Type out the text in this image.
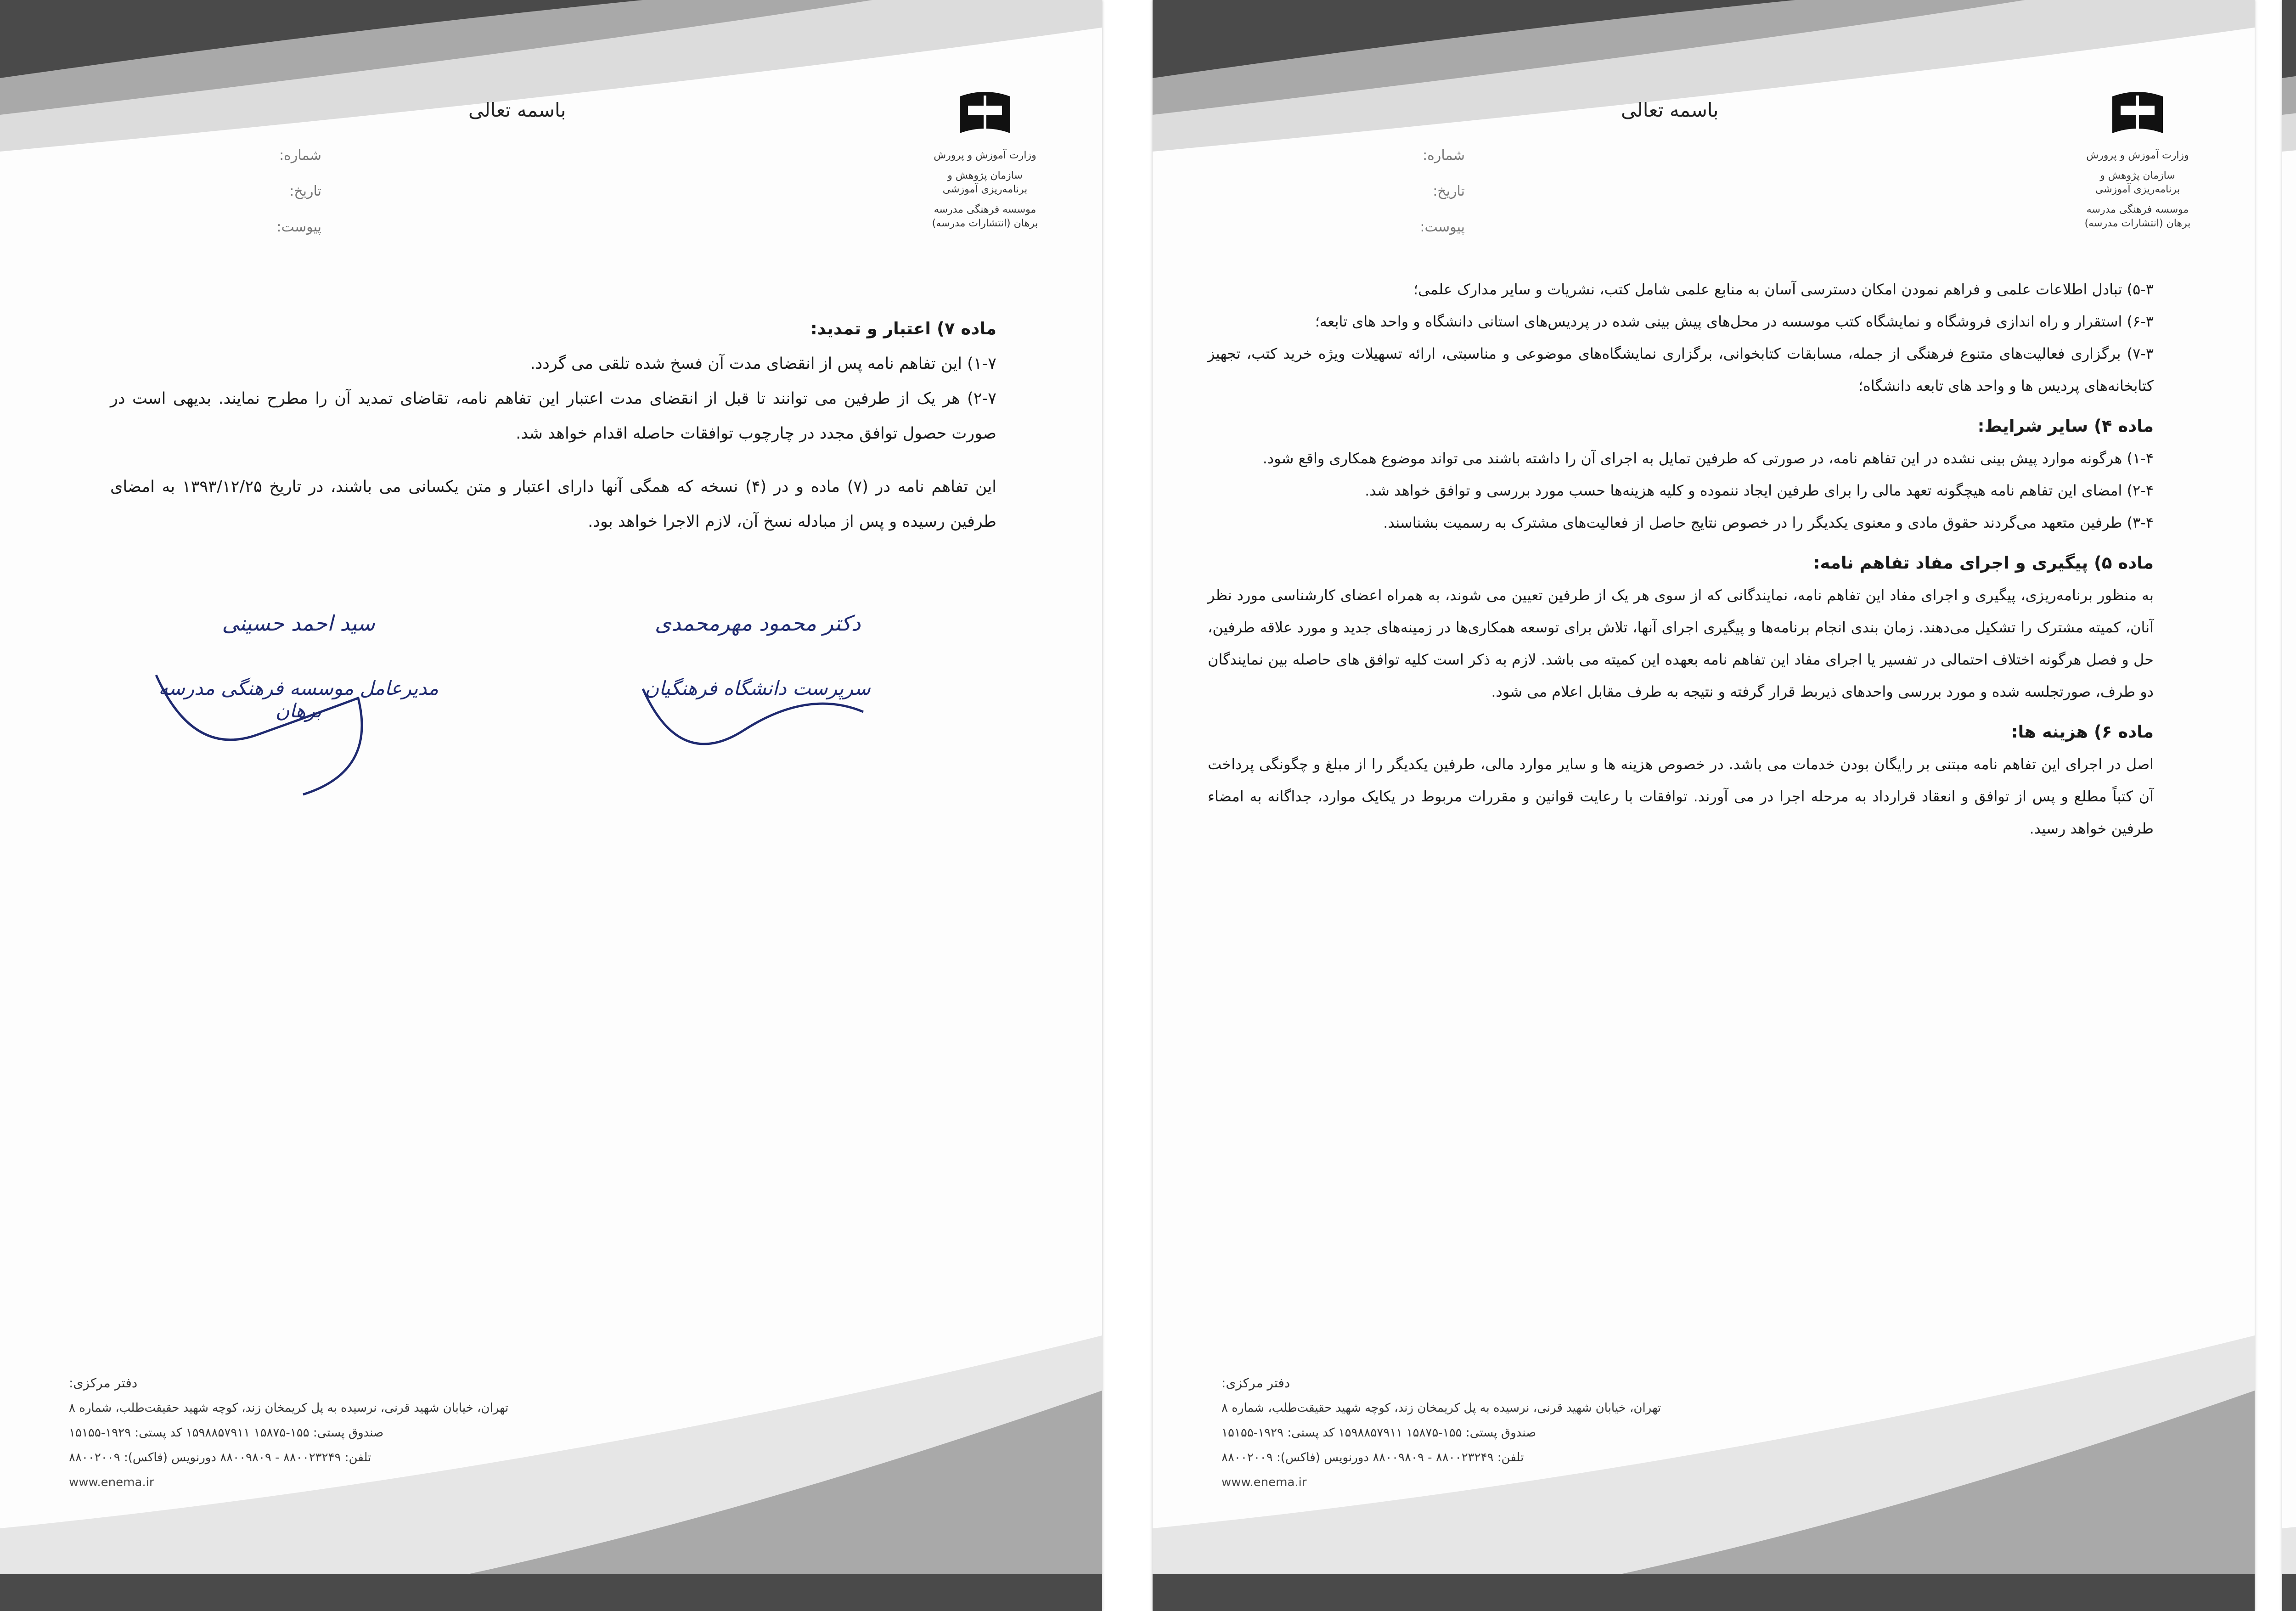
وزارت آموزش و پرورش
سازمان پژوهش و برنامه‌ریزی آموزشی
موسسه فرهنگی مدرسه برهان (انتشارات مدرسه)
باسمه تعالی
شماره:
تاریخ:
پیوست:
ماده ۷) اعتبار و تمدید:

۱-۷) این تفاهم نامه پس از انقضای مدت آن فسخ شده تلقی می گردد.

۲-۷) هر یک از طرفین می توانند تا قبل از انقضای مدت اعتبار این تفاهم نامه، تقاضای تمدید آن را مطرح نمایند. بدیهی است در صورت حصول توافق مجدد در چارچوب توافقات حاصله اقدام خواهد شد.

این تفاهم نامه در (۷) ماده و در (۴) نسخه که همگی آنها دارای اعتبار و متن یکسانی می باشند، در تاریخ ۱۳۹۳/۱۲/۲۵ به امضای طرفین رسیده و پس از مبادله نسخ آن، لازم الاجرا خواهد بود.

دکتر محمود مهرمحمدی
سرپرست دانشگاه فرهنگیان
سید احمد حسینی
مدیرعامل موسسه فرهنگی مدرسه برهان
دفتر مرکزی:
تهران، خیابان شهید قرنی، نرسیده به پل کریمخان زند، کوچه شهید حقیقت‌طلب، شماره ۸
صندوق پستی: ۱۵۵-۱۵۸۷۵ ۱۵۹۸۸۵۷۹۱۱ کد پستی: ۱۹۲۹-۱۵۱۵۵
تلفن: ۸۸۰۰۲۳۲۴۹ - ۸۸۰۰۹۸۰۹ دورنویس (فاکس): ۸۸۰۰۲۰۰۹
www.enema.ir
وزارت آموزش و پرورش
سازمان پژوهش و برنامه‌ریزی آموزشی
موسسه فرهنگی مدرسه برهان (انتشارات مدرسه)
باسمه تعالی
شماره:
تاریخ:
پیوست:

۵-۳) تبادل اطلاعات علمی و فراهم نمودن امکان دسترسی آسان به منابع علمی شامل کتب، نشریات و سایر مدارک علمی؛

۶-۳) استقرار و راه اندازی فروشگاه و نمایشگاه کتب موسسه در محل‌های پیش بینی شده در پردیس‌های استانی دانشگاه و واحد های تابعه؛

۷-۳) برگزاری فعالیت‌های متنوع فرهنگی از جمله، مسابقات کتابخوانی، برگزاری نمایشگاه‌های موضوعی و مناسبتی، ارائه تسهیلات ویژه خرید کتب، تجهیز کتابخانه‌های پردیس ها و واحد های تابعه دانشگاه؛

ماده ۴) سایر شرایط:

۱-۴) هرگونه موارد پیش بینی نشده در این تفاهم نامه، در صورتی که طرفین تمایل به اجرای آن را داشته باشند می تواند موضوع همکاری واقع شود.

۲-۴) امضای این تفاهم نامه هیچگونه تعهد مالی را برای طرفین ایجاد ننموده و کلیه هزینه‌ها حسب مورد بررسی و توافق خواهد شد.

۳-۴) طرفین متعهد می‌گردند حقوق مادی و معنوی یکدیگر را در خصوص نتایج حاصل از فعالیت‌های مشترک به رسمیت بشناسند.

ماده ۵) پیگیری و اجرای مفاد تفاهم نامه:

به منظور برنامه‌ریزی، پیگیری و اجرای مفاد این تفاهم نامه، نمایندگانی که از سوی هر یک از طرفین تعیین می شوند، به همراه اعضای کارشناسی مورد نظر آنان، کمیته مشترک را تشکیل می‌دهند. زمان بندی انجام برنامه‌ها و پیگیری اجرای آنها، تلاش برای توسعه همکاری‌ها در زمینه‌های جدید و مورد علاقه طرفین، حل و فصل هرگونه اختلاف احتمالی در تفسیر یا اجرای مفاد این تفاهم نامه بعهده این کمیته می باشد. لازم به ذکر است کلیه توافق های حاصله بین نمایندگان دو طرف، صورتجلسه شده و مورد بررسی واحدهای ذیربط قرار گرفته و نتیجه به طرف مقابل اعلام می شود.

ماده ۶) هزینه ها:

اصل در اجرای این تفاهم نامه مبتنی بر رایگان بودن خدمات می باشد. در خصوص هزینه ها و سایر موارد مالی، طرفین یکدیگر را از مبلغ و چگونگی پرداخت آن کتباً مطلع و پس از توافق و انعقاد قرارداد به مرحله اجرا در می آورند. توافقات با رعایت قوانین و مقررات مربوط در یکایک موارد، جداگانه به امضاء طرفین خواهد رسید.

دفتر مرکزی:
تهران، خیابان شهید قرنی، نرسیده به پل کریمخان زند، کوچه شهید حقیقت‌طلب، شماره ۸
صندوق پستی: ۱۵۵-۱۵۸۷۵ ۱۵۹۸۸۵۷۹۱۱ کد پستی: ۱۹۲۹-۱۵۱۵۵
تلفن: ۸۸۰۰۲۳۲۴۹ - ۸۸۰۰۹۸۰۹ دورنویس (فاکس): ۸۸۰۰۲۰۰۹
www.enema.ir
